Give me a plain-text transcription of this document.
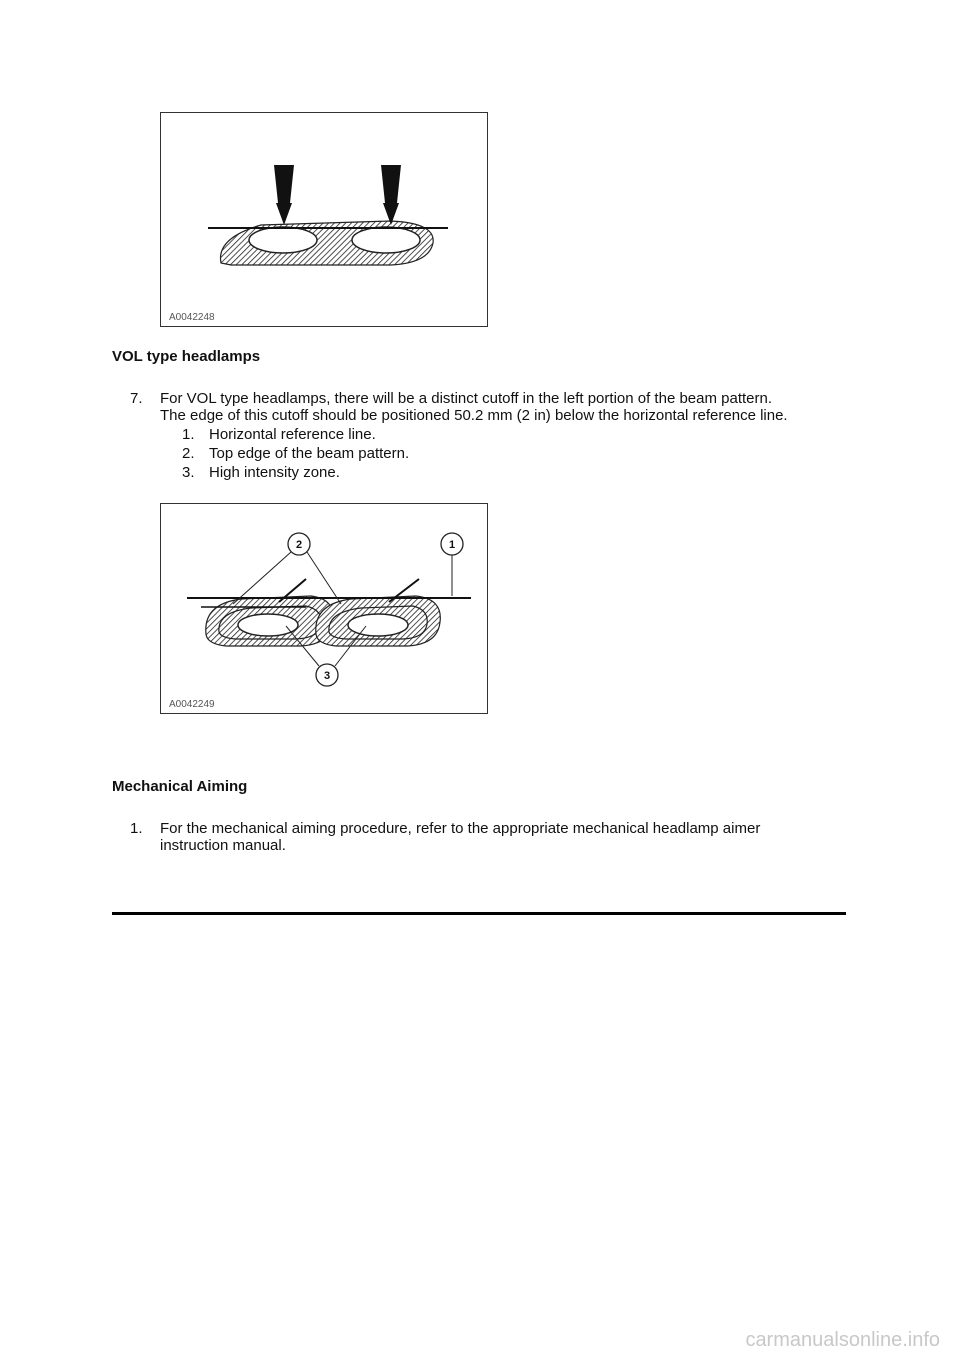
A0042248
VOL type headlamps
7. For VOL type headlamps, there will be a distinct cutoff in the left portion of the beam pattern.
The edge of this cutoff should be positioned 50.2 mm (2 in) below the horizontal reference line.
1. Horizontal reference line.
2. Top edge of the beam pattern.
3. High intensity zone.
2	1
3
A0042249
Mechanical Aiming
1. For the mechanical aiming procedure, refer to the appropriate mechanical headlamp aimer
instruction manual.
carmanualsonline.info
